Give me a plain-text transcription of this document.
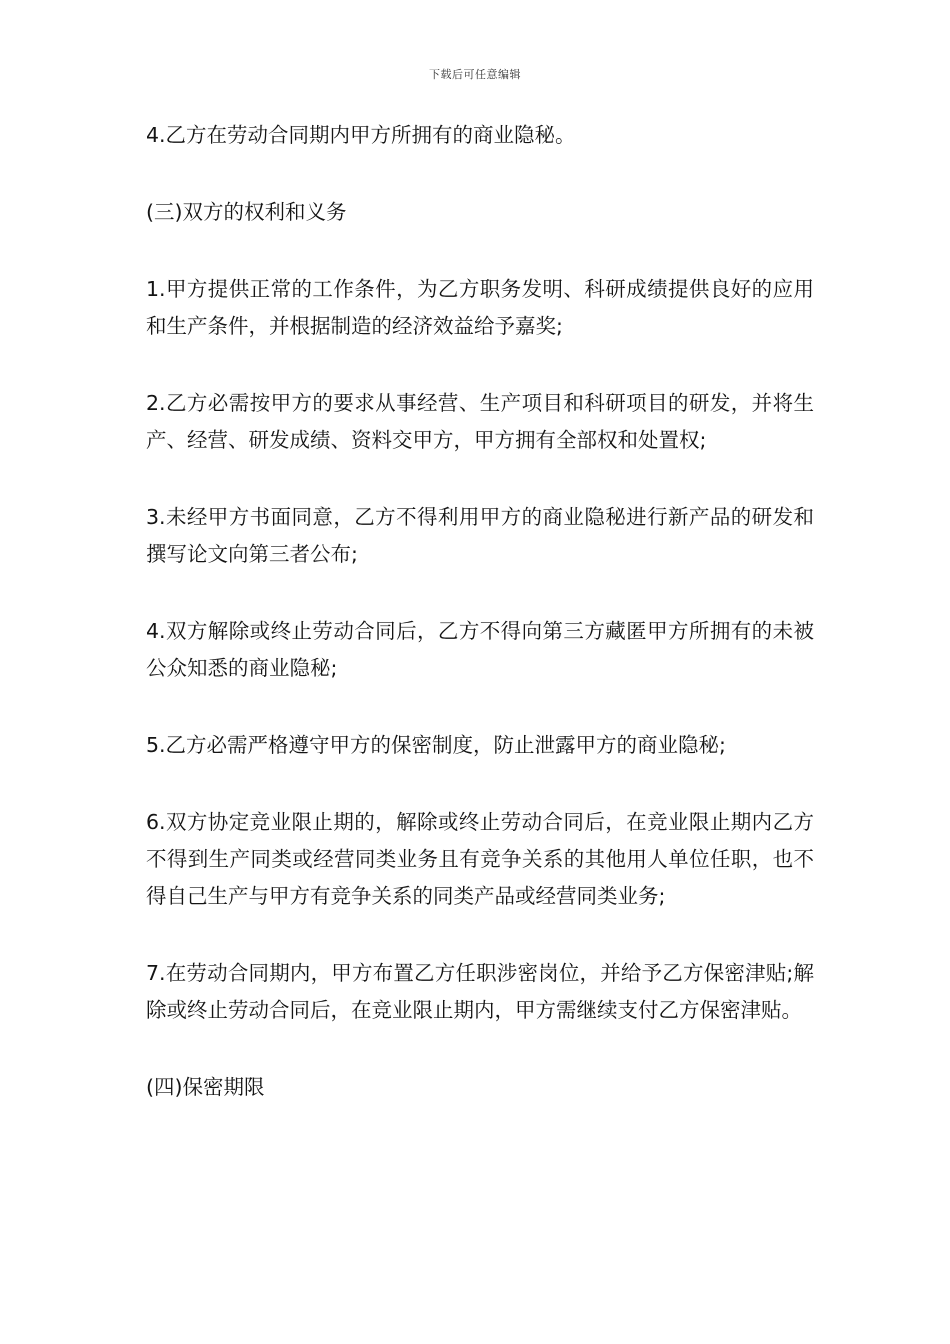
下载后可任意编辑

4.乙方在劳动合同期内甲方所拥有的商业隐秘。

(三)双方的权利和义务

1.甲方提供正常的工作条件，为乙方职务发明、科研成绩提供良好的应用和生产条件，并根据制造的经济效益给予嘉奖;

2.乙方必需按甲方的要求从事经营、生产项目和科研项目的研发，并将生产、经营、研发成绩、资料交甲方，甲方拥有全部权和处置权;

3.未经甲方书面同意，乙方不得利用甲方的商业隐秘进行新产品的研发和撰写论文向第三者公布;

4.双方解除或终止劳动合同后，乙方不得向第三方藏匿甲方所拥有的未被公众知悉的商业隐秘;

5.乙方必需严格遵守甲方的保密制度，防止泄露甲方的商业隐秘;

6.双方协定竞业限止期的，解除或终止劳动合同后，在竞业限止期内乙方不得到生产同类或经营同类业务且有竞争关系的其他用人单位任职，也不得自己生产与甲方有竞争关系的同类产品或经营同类业务;

7.在劳动合同期内，甲方布置乙方任职涉密岗位，并给予乙方保密津贴;解除或终止劳动合同后，在竞业限止期内，甲方需继续支付乙方保密津贴。

(四)保密期限
